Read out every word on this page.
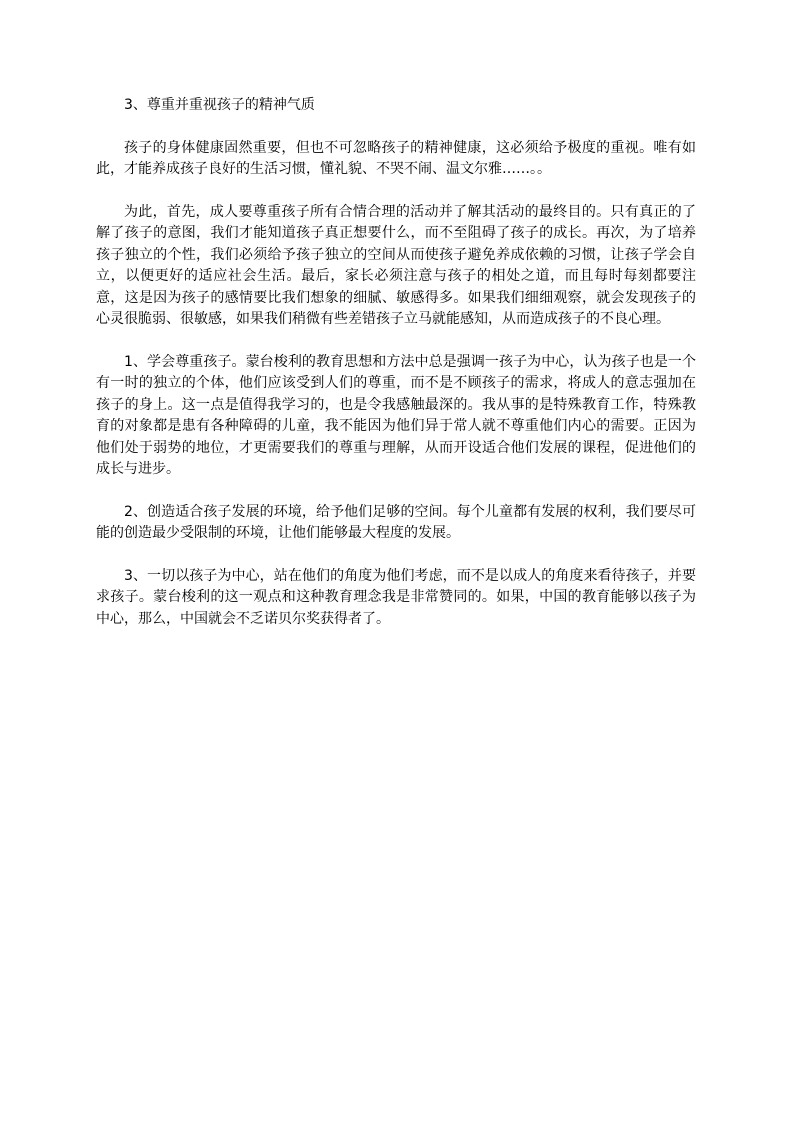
3、尊重并重视孩子的精神气质

孩子的身体健康固然重要，但也不可忽略孩子的精神健康，这必须给予极度的重视。唯有如此，才能养成孩子良好的生活习惯，懂礼貌、不哭不闹、温文尔雅……。。

为此，首先，成人要尊重孩子所有合情合理的活动并了解其活动的最终目的。只有真正的了解了孩子的意图，我们才能知道孩子真正想要什么，而不至阻碍了孩子的成长。再次，为了培养孩子独立的个性，我们必须给予孩子独立的空间从而使孩子避免养成依赖的习惯，让孩子学会自立，以便更好的适应社会生活。最后，家长必须注意与孩子的相处之道，而且每时每刻都要注意，这是因为孩子的感情要比我们想象的细腻、敏感得多。如果我们细细观察，就会发现孩子的心灵很脆弱、很敏感，如果我们稍微有些差错孩子立马就能感知，从而造成孩子的不良心理。

1、学会尊重孩子。蒙台梭利的教育思想和方法中总是强调一孩子为中心，认为孩子也是一个有一时的独立的个体，他们应该受到人们的尊重，而不是不顾孩子的需求，将成人的意志强加在孩子的身上。这一点是值得我学习的，也是令我感触最深的。我从事的是特殊教育工作，特殊教育的对象都是患有各种障碍的儿童，我不能因为他们异于常人就不尊重他们内心的需要。正因为他们处于弱势的地位，才更需要我们的尊重与理解，从而开设适合他们发展的课程，促进他们的成长与进步。

2、创造适合孩子发展的环境，给予他们足够的空间。每个儿童都有发展的权利，我们要尽可能的创造最少受限制的环境，让他们能够最大程度的发展。

3、一切以孩子为中心，站在他们的角度为他们考虑，而不是以成人的角度来看待孩子，并要求孩子。蒙台梭利的这一观点和这种教育理念我是非常赞同的。如果，中国的教育能够以孩子为中心，那么，中国就会不乏诺贝尔奖获得者了。
